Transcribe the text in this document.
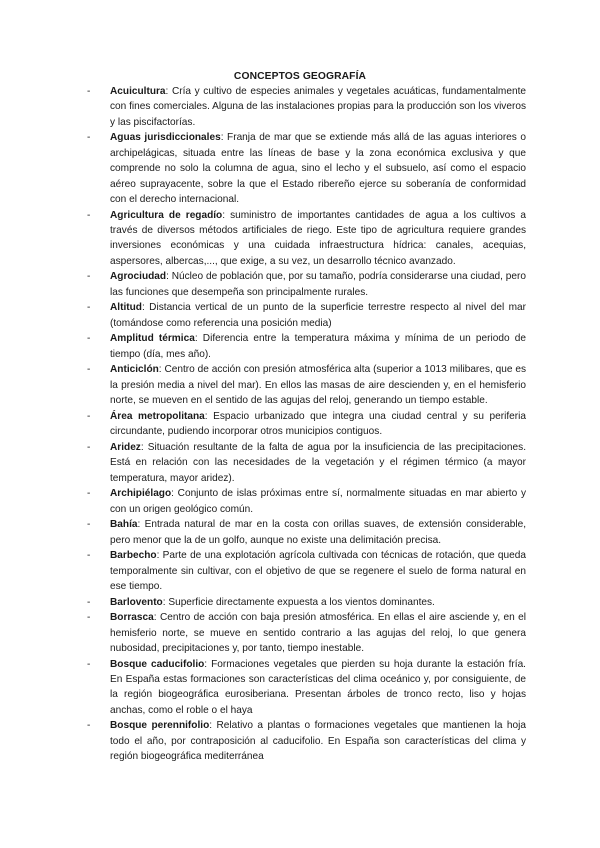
CONCEPTOS GEOGRAFÍA
- Acuicultura: Cría y cultivo de especies animales y vegetales acuáticas, fundamentalmente con fines comerciales. Alguna de las instalaciones propias para la producción son los viveros y las piscifactorías.
- Aguas jurisdiccionales: Franja de mar que se extiende más allá de las aguas interiores o archipelágicas, situada entre las líneas de base y la zona económica exclusiva y que comprende no solo la columna de agua, sino el lecho y el subsuelo, así como el espacio aéreo suprayacente, sobre la que el Estado ribereño ejerce su soberanía de conformidad con el derecho internacional.
- Agricultura de regadío: suministro de importantes cantidades de agua a los cultivos a través de diversos métodos artificiales de riego. Este tipo de agricultura requiere grandes inversiones económicas y una cuidada infraestructura hídrica: canales, acequias, aspersores, albercas,..., que exige, a su vez, un desarrollo técnico avanzado.
- Agrociudad: Núcleo de población que, por su tamaño, podría considerarse una ciudad, pero las funciones que desempeña son principalmente rurales.
- Altitud: Distancia vertical de un punto de la superficie terrestre respecto al nivel del mar (tomándose como referencia una posición media)
- Amplitud térmica: Diferencia entre la temperatura máxima y mínima de un periodo de tiempo (día, mes año).
- Anticiclón: Centro de acción con presión atmosférica alta (superior a 1013 milibares, que es la presión media a nivel del mar). En ellos las masas de aire descienden y, en el hemisferio norte, se mueven en el sentido de las agujas del reloj, generando un tiempo estable.
- Área metropolitana: Espacio urbanizado que integra una ciudad central y su periferia circundante, pudiendo incorporar otros municipios contiguos.
- Aridez: Situación resultante de la falta de agua por la insuficiencia de las precipitaciones. Está en relación con las necesidades de la vegetación y el régimen térmico (a mayor temperatura, mayor aridez).
- Archipiélago: Conjunto de islas próximas entre sí, normalmente situadas en mar abierto y con un origen geológico común.
- Bahía: Entrada natural de mar en la costa con orillas suaves, de extensión considerable, pero menor que la de un golfo, aunque no existe una delimitación precisa.
- Barbecho: Parte de una explotación agrícola cultivada con técnicas de rotación, que queda temporalmente sin cultivar, con el objetivo de que se regenere el suelo de forma natural en ese tiempo.
- Barlovento: Superficie directamente expuesta a los vientos dominantes.
- Borrasca: Centro de acción con baja presión atmosférica. En ellas el aire asciende y, en el hemisferio norte, se mueve en sentido contrario a las agujas del reloj, lo que genera nubosidad, precipitaciones y, por tanto, tiempo inestable.
- Bosque caducifolio: Formaciones vegetales que pierden su hoja durante la estación fría. En España estas formaciones son características del clima oceánico y, por consiguiente, de la región biogeográfica eurosiberiana. Presentan árboles de tronco recto, liso y hojas anchas, como el roble o el haya
- Bosque perennifolio: Relativo a plantas o formaciones vegetales que mantienen la hoja todo el año, por contraposición al caducifolio. En España son características del clima y región biogeográfica mediterránea
